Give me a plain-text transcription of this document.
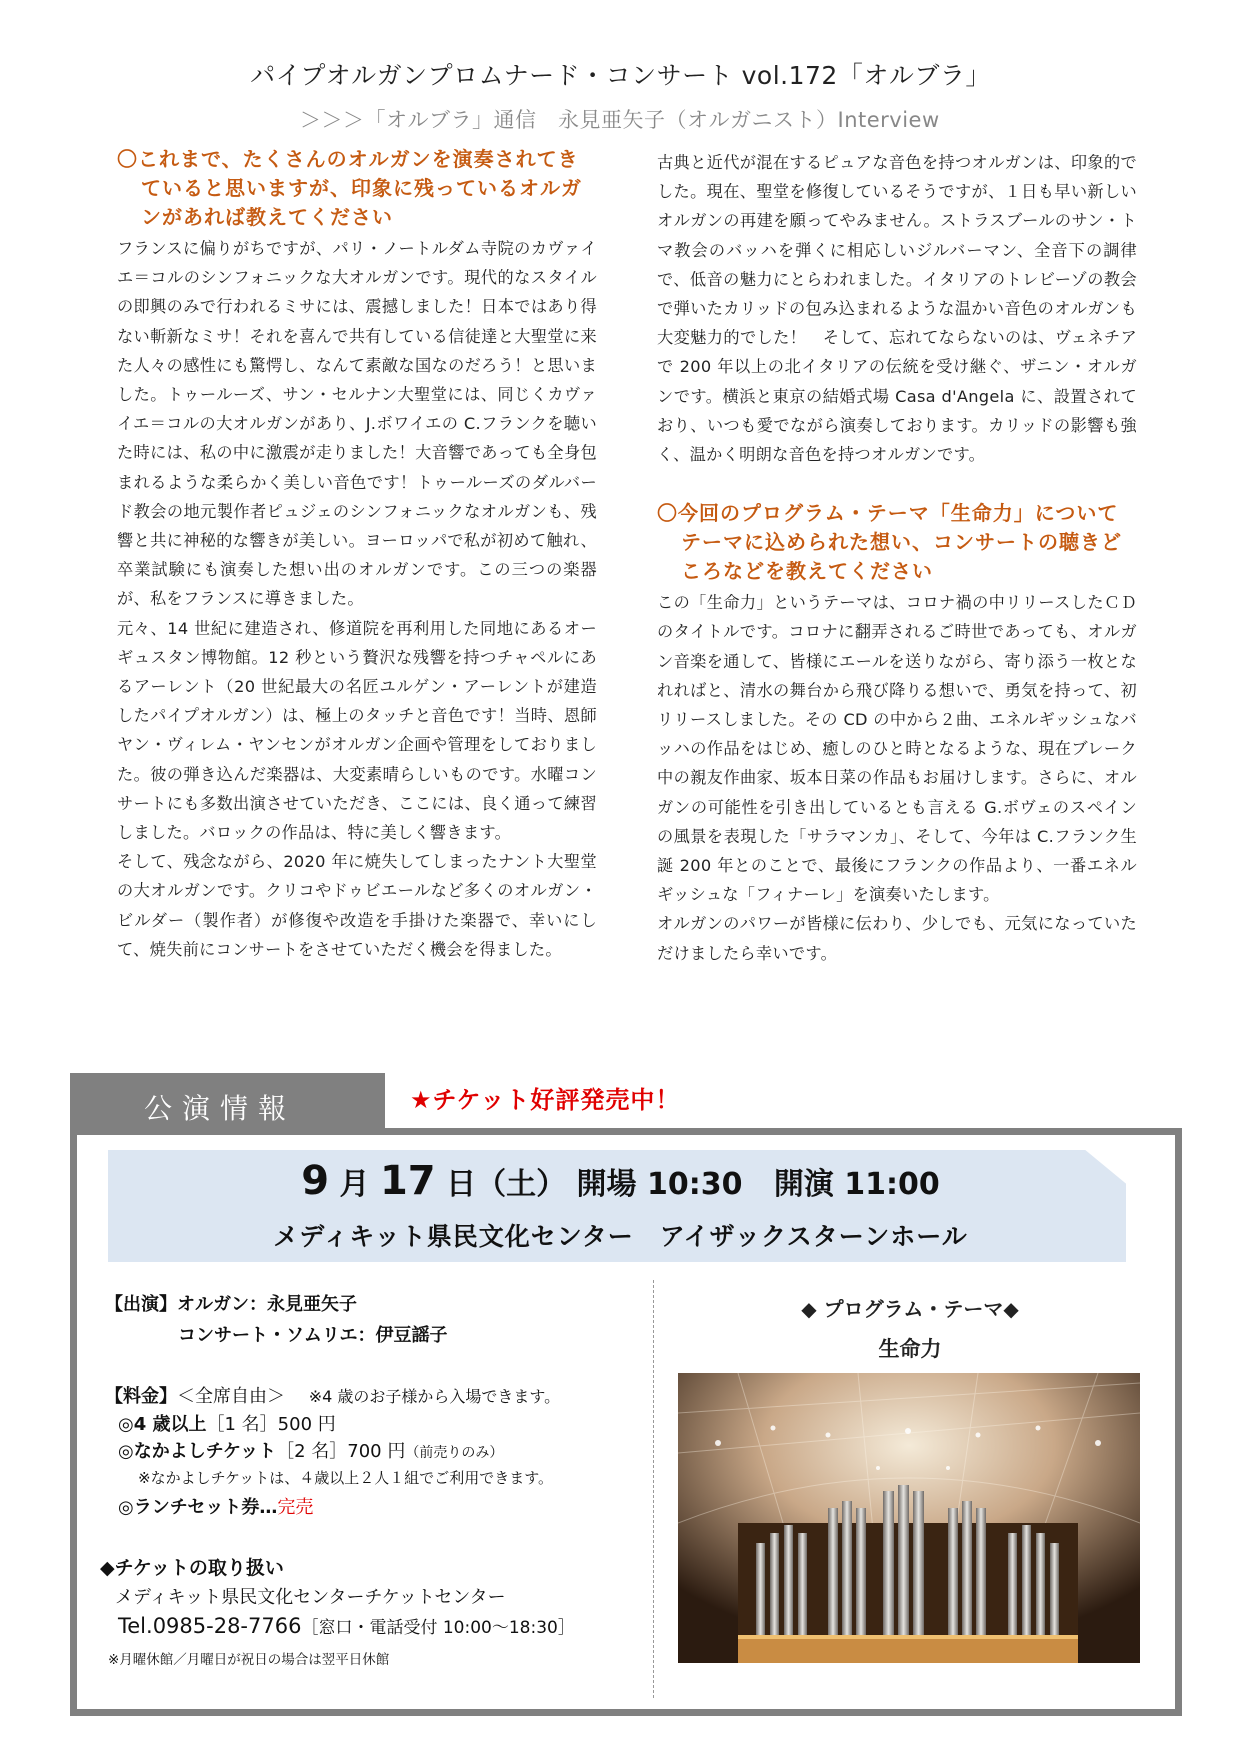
パイプオルガンプロムナード・コンサート vol.172「オルブラ」
＞＞＞「オルブラ」通信　永見亜矢子（オルガニスト）Interview
〇これまで、たくさんのオルガンを演奏されてきていると思いますが、印象に残っているオルガンがあれば教えてください
フランスに偏りがちですが、パリ・ノートルダム寺院のカヴァイエ＝コルのシンフォニックな大オルガンです。現代的なスタイルの即興のみで行われるミサには、震撼しました！日本ではあり得ない斬新なミサ！それを喜んで共有している信徒達と大聖堂に来た人々の感性にも驚愕し、なんて素敵な国なのだろう！と思いました。トゥールーズ、サン・セルナン大聖堂には、同じくカヴァイエ＝コルの大オルガンがあり、J.ボワイエの C.フランクを聴いた時には、私の中に激震が走りました！大音響であっても全身包まれるような柔らかく美しい音色です！トゥールーズのダルバード教会の地元製作者ピュジェのシンフォニックなオルガンも、残響と共に神秘的な響きが美しい。ヨーロッパで私が初めて触れ、卒業試験にも演奏した想い出のオルガンです。この三つの楽器が、私をフランスに導きました。
元々、14 世紀に建造され、修道院を再利用した同地にあるオーギュスタン博物館。12 秒という贅沢な残響を持つチャペルにあるアーレント（20 世紀最大の名匠ユルゲン・アーレントが建造したパイプオルガン）は、極上のタッチと音色です！当時、恩師ヤン・ヴィレム・ヤンセンがオルガン企画や管理をしておりました。彼の弾き込んだ楽器は、大変素晴らしいものです。水曜コンサートにも多数出演させていただき、ここには、良く通って練習しました。バロックの作品は、特に美しく響きます。
そして、残念ながら、2020 年に焼失してしまったナント大聖堂の大オルガンです。クリコやドゥビエールなど多くのオルガン・ビルダー（製作者）が修復や改造を手掛けた楽器で、幸いにして、焼失前にコンサートをさせていただく機会を得ました。
古典と近代が混在するピュアな音色を持つオルガンは、印象的でした。現在、聖堂を修復しているそうですが、１日も早い新しいオルガンの再建を願ってやみません。ストラスブールのサン・トマ教会のバッハを弾くに相応しいジルバーマン、全音下の調律で、低音の魅力にとらわれました。イタリアのトレビーゾの教会で弾いたカリッドの包み込まれるような温かい音色のオルガンも大変魅力的でした！　そして、忘れてならないのは、ヴェネチアで 200 年以上の北イタリアの伝統を受け継ぐ、ザニン・オルガンです。横浜と東京の結婚式場 Casa d'Angela に、設置されており、いつも愛でながら演奏しております。カリッドの影響も強く、温かく明朗な音色を持つオルガンです。
〇今回のプログラム・テーマ「生命力」についてテーマに込められた想い、コンサートの聴きどころなどを教えてください
この「生命力」というテーマは、コロナ禍の中リリースしたＣＤのタイトルです。コロナに翻弄されるご時世であっても、オルガン音楽を通して、皆様にエールを送りながら、寄り添う一枚となれればと、清水の舞台から飛び降りる想いで、勇気を持って、初リリースしました。その CD の中から２曲、エネルギッシュなバッハの作品をはじめ、癒しのひと時となるような、現在ブレーク中の親友作曲家、坂本日菜の作品もお届けします。さらに、オルガンの可能性を引き出しているとも言える G.ボヴェのスペインの風景を表現した「サラマンカ」、そして、今年は C.フランク生誕 200 年とのことで、最後にフランクの作品より、一番エネルギッシュな「フィナーレ」を演奏いたします。
オルガンのパワーが皆様に伝わり、少しでも、元気になっていただけましたら幸いです。
公演情報	★チケット好評発売中！
9 月 17 日（土） 開場 10:30 開演 11:00
メディキット県民文化センター　アイザックスターンホール
【出演】オルガン：永見亜矢子
コンサート・ソムリエ：伊豆謡子
【料金】＜全席自由＞ ※4 歳のお子様から入場できます。
◎4 歳以上［1 名］500 円
◎なかよしチケット［2 名］700 円（前売りのみ）
※なかよしチケットは、４歳以上２人１組でご利用できます。
◎ランチセット券…完売
◆チケットの取り扱い
メディキット県民文化センターチケットセンター
Tel.0985-28-7766［窓口・電話受付 10:00～18:30］
※月曜休館／月曜日が祝日の場合は翌平日休館
◆ プログラム・テーマ◆
生命力
